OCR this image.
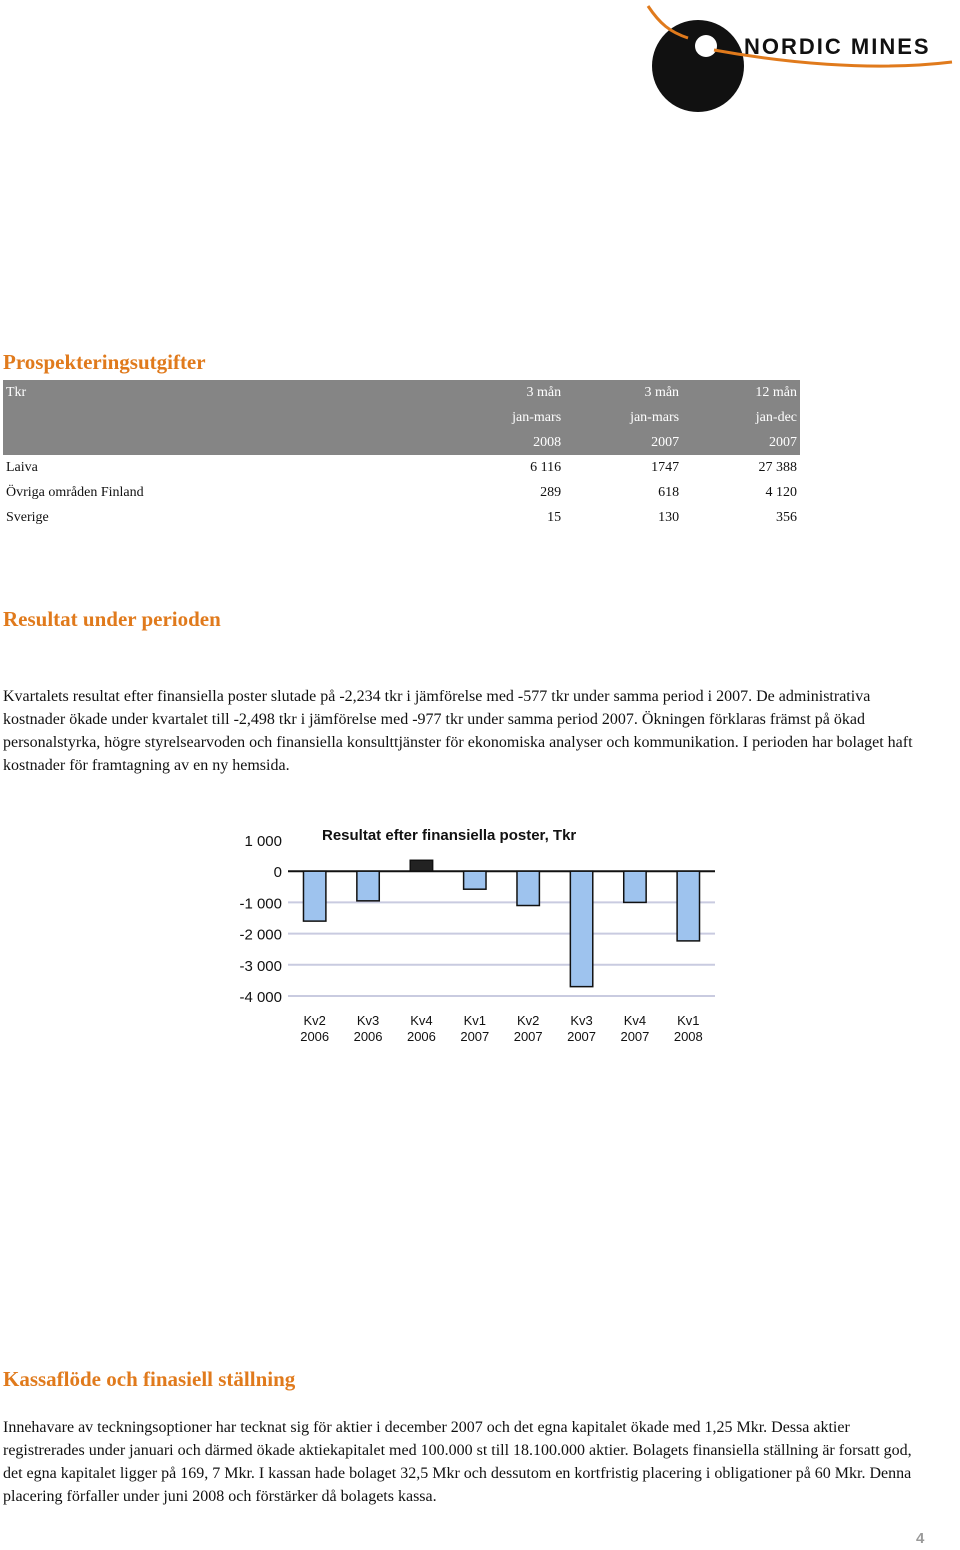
NORDIC MINES
Prospekteringsutgifter
Tkr	3 mån	3 mån	12 mån
	jan-mars	jan-mars	jan-dec
	2008	2007	2007
Laiva	6 116	1747	27 388
Övriga områden Finland	289	618	4 120
Sverige	15	130	356
Resultat under perioden

Kvartalets resultat efter finansiella poster slutade på -2,234 tkr i jämförelse med -577 tkr under samma period i 2007. De administrativa kostnader ökade under kvartalet till -2,498 tkr i jämförelse med -977 tkr under samma period 2007. Ökningen förklaras främst på ökad personalstyrka, högre styrelsearvoden och finansiella konsulttjänster för ekonomiska analyser och kommunikation. I perioden har bolaget haft kostnader för framtagning av en ny hemsida.

Resultat efter finansiella poster, Tkr
1 000
0
-1 000
-2 000
-3 000
-4 000
Kv2
2006
Kv3
2006
Kv4
2006
Kv1
2007
Kv2
2007
Kv3
2007
Kv4
2007
Kv1
2008
Kassaflöde och finasiell ställning

Innehavare av teckningsoptioner har tecknat sig för aktier i december 2007 och det egna kapitalet ökade med 1,25 Mkr. Dessa aktier registrerades under januari och därmed ökade aktiekapitalet med 100.000 st till 18.100.000 aktier. Bolagets finansiella ställning är forsatt god, det egna kapitalet ligger på 169, 7 Mkr. I kassan hade bolaget 32,5 Mkr och dessutom en kortfristig placering i obligationer på 60 Mkr. Denna placering förfaller under juni 2008 och förstärker då bolagets kassa.

4
